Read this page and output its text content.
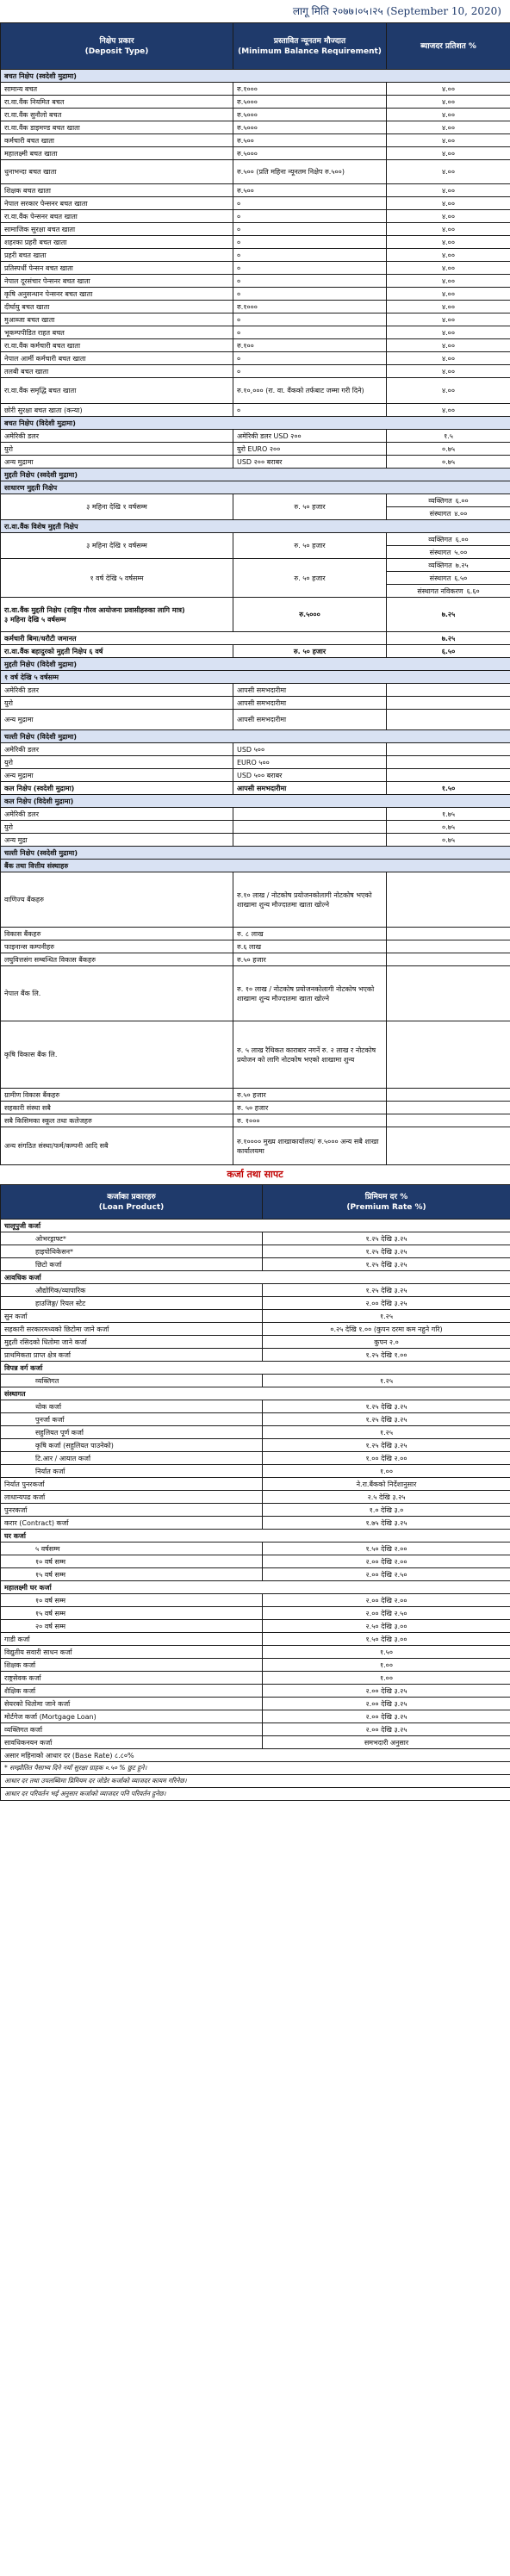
लागू मिति २०७७।०५।२५ (September 10, 2020)
निक्षेप प्रकार
(Deposit Type)	प्रस्तावित न्यूनतम मौज्दात
(Minimum Balance Requirement)	ब्याजदर प्रतिशत %
बचत निक्षेप (स्वदेशी मुद्रामा)		
सामान्य बचत	रु.१०००	४.००
रा.वा.वैंक नियमित बचत	रु.५०००	४.००
रा.वा.वैंक सुनौलो बचत	रु.५०००	४.००
रा.वा.वैंक डाइमण्ड बचत खाता	रु.५०००	४.००
कर्मचारी बचत खाता	रु.५००	४.००
महालक्ष्मी बचत खाता	रु.५०००	४.००
धुनाभन्दा बचत खाता	रु.५०० (प्रति महिना न्यूनतम निक्षेप रु.५००)	४.००
शिक्षक बचत खाता	रु.५००	४.००
नेपाल सरकार पेन्सनर बचत खाता	०	४.००
रा.वा.वैंक पेन्सनर बचत खाता	०	४.००
सामाजिक सुरक्षा बचत खाता	०	४.००
शहरका प्रहरी बचत खाता	०	४.००
प्रहरी बचत खाता	०	४.००
प्रतिस्पर्धी पेन्सन बचत खाता	०	४.००
नेपाल दूरसंचार पेन्सनर बचत खाता	०	४.००
कृषि अनुसन्धान पेन्सनर बचत खाता	०	४.००
दीर्घायु बचत खाता	रु.१०००	४.००
मुआब्जा बचत खाता	०	४.००
भूकम्पपीडित राहत बचत	०	४.००
रा.वा.वैंक कर्मचारी बचत खाता	रु.१००	४.००
नेपाल आर्मी कर्मचारी बचत खाता	०	४.००
तलबी बचत खाता	०	४.००
रा.वा.वैंक समृद्धि बचत खाता	रु.१०,००० (रा. वा. वैंकको तर्फबाट जम्मा गरी दिने)	४.००
छोरी सुरक्षा बचत खाता (कन्या)	०	४.००
बचत निक्षेप (विदेशी मुद्रामा)		
अमेरिकी डलर	अमेरिकी डलर USD २००	१.५
युरो	युरो EURO २००	०.७५
अन्य मुद्रामा	USD २०० बराबर	०.७५
मुद्दती निक्षेप (स्वदेशी मुद्रामा)		
साधारण मुद्दती निक्षेप		
३ महिना देखि १ वर्षसम्म	रु. ५० हजार	व्यक्तिगत ६.००
		संस्थागत ४.००
रा.वा.वैंक विशेष मुद्दती निक्षेप		
३ महिना देखि १ वर्षसम्म	रु. ५० हजार	व्यक्तिगत ६.००
		संस्थागत ५.००
१ वर्ष देखि ५ वर्षसम्म	रु. ५० हजार	व्यक्तिगत ७.२५
		संस्थागत ६.५०
		संस्थागत नविकरण ६.६०
रा.वा.वैंक मुद्दती निक्षेप (राष्ट्रिय गौरव आयोजना प्रवासीहरुका लागि मात्र)
३ महिना देखि ५ वर्षसम्म	रु.५०००	७.२५
कर्मचारी बिमा/धरौटी जमानत		७.२५
रा.वा.वैंक बहादुरको मुद्दती निक्षेप ६ वर्ष	रु. ५० हजार	६.५०
मुद्दती निक्षेप (विदेशी मुद्रामा)		
१ वर्ष देखि ५ वर्षसम्म		
अमेरिकी डलर	आपसी समभदारीमा	
युरो	आपसी समभदारीमा	
अन्य मुद्रामा	आपसी समभदारीमा	
चल्ती निक्षेप (विदेशी मुद्रामा)		
अमेरिकी डलर	USD ५००	
युरो	EURO ५००	
अन्य मुद्रामा	USD ५०० बराबर	
कल निक्षेप (स्वदेशी मुद्रामा)	आपसी समभदारीमा	१.५०
कल निक्षेप (विदेशी मुद्रामा)		
अमेरिकी डलर		१.७५
युरो		०.७५
अन्य मुद्रा		०.७५
चल्ती निक्षेप (स्वदेशी मुद्रामा)		
बैंक तथा वित्तीय संस्थाहरु		
वाणिज्य बैंकहरु	रु.१० लाख / नोटकोष प्रयोजनकोलागी नोटकोष भएको शाखामा शुन्य मौज्दातमा खाता खोल्ने	
विकास बैंकहरु	रु. ८ लाख	
फाइनान्स कम्पनीहरु	रु.६ लाख	
लघुवित्तसंग सम्बन्धित विकास बैंकहरु	रु.५० हजार	
नेपाल बैंक लि.	रु. १० लाख / नोटकोष प्रयोजनकोलागी नोटकोष भएको शाखामा शुन्य मौज्दातमा खाता खोल्ने	
कृषि विकास बैंक लि.	रु. ५ लाख रैथिकत काराबार नगर्ने रु. २ लाख र नोटकोष प्रयोजन को लागि नोटकोष भएको शाखामा शुन्य	
ग्रामीण विकास बैंकहरु	रु.५० हजार	
सहकारी संस्था सबै	रु. ५० हजार	
सबै किसिमका स्कूल तथा कलेजहरु	रु. १०००	
अन्य संगठित संस्था/फर्म/कम्पनी आदि सबै	रु.१०००० मुख्य शाखाकार्यालय/ रु.५००० अन्य सबै शाखा कार्यालयमा	
कर्जा तथा सापट
कर्जाका प्रकारहरु
(Loan Product)	प्रिमियम दर %
(Premium Rate %)
चालूपुजी कर्जा	
ओभरड्राफ्ट*	१.२५ देखि ३.२५
हाइपोथिकेसन*	१.२५ देखि ३.२५
छिटो कर्जा	१.२५ देखि ३.२५
आवधिक कर्जा	
औद्योगिक/व्यापारिक	१.२५ देखि ३.२५
हाउजिङ्ग/ रियल स्टेट	२.०० देखि ३.२५
सुन कर्जा	१.२५
सहकारी सरकारमध्यको छिटोमा जाने कर्जा	०.२५ देखि १.०० (कुपन दरमा कम नहुने गरि)
मुद्दती रसिदको धितोमा जाने कर्जा	कुपन २.०
प्राथमिकता प्राप्त क्षेत्र कर्जा	१.२५ देखि १.००
विपन्न वर्ग कर्जा	
व्यक्तिगत	१.२५
संस्थागत	
थोक कर्जा	१.२५ देखि ३.२५
पुनर्जा कर्जा	१.२५ देखि ३.२५
सहुलियत पूर्ण कर्जा	१.२५
कृषि कर्जा (सहुलियत पाउनेको)	१.२५ देखि ३.२५
टि.आर / आयात कर्जा	१.०० देखि २.००
निर्यात कर्जा	१.००
निर्यात पुनरकर्जा	ने.रा.बैंकको निर्देशानुसार
लाधान्यपढ कर्जा	२.५ देखि ३.२५
पुनरकर्जा	१.० देखि ३.०
करार (Contract) कर्जा	१.७५ देखि ३.२५
घर कर्जा	
५ वर्षसम्म	१.५० देखि २.००
१० वर्ष सम्म	२.०० देखि २.००
१५ वर्ष सम्म	२.०० देखि २.५०
महालक्ष्मी घर कर्जा	
१० वर्ष सम्म	२.०० देखि २.००
१५ वर्ष सम्म	२.०० देखि २.५०
२० वर्ष सम्म	२.५० देखि ३.००
गाडी कर्जा	१.५० देखि ३.००
विद्युतीय सवारी साधन कर्जा	१.५०
शिक्षक कर्जा	१.००
राष्ट्रसेवक कर्जा	१.००
शैक्षिक कर्जा	२.०० देखि ३.२५
सेयरको धितोमा जाने कर्जा	२.०० देखि ३.२५
मोर्टगेज कर्जा (Mortgage Loan)	२.०० देखि ३.२५
व्यक्तिगत कर्जा	२.०० देखि ३.२५
सावधिकनयन कर्जा	समभदारी अनुसार
असार महिनाको आधार दर (Base Rate) ८.८०%	
* सम्झौतित पैसाभ्य दिने नयाँ सुरक्षा ग्राहक ०.५० % छुट हुने।	
आधार दर तथा उपलब्धिमा प्रिमियम दर जोडेर कर्जाको व्याजदर कायम गरिनेछ।	
आधार दर परिवर्तन भई अनुसार कर्जाको व्याजदर पनि परिवर्तन हुनेछ।	
